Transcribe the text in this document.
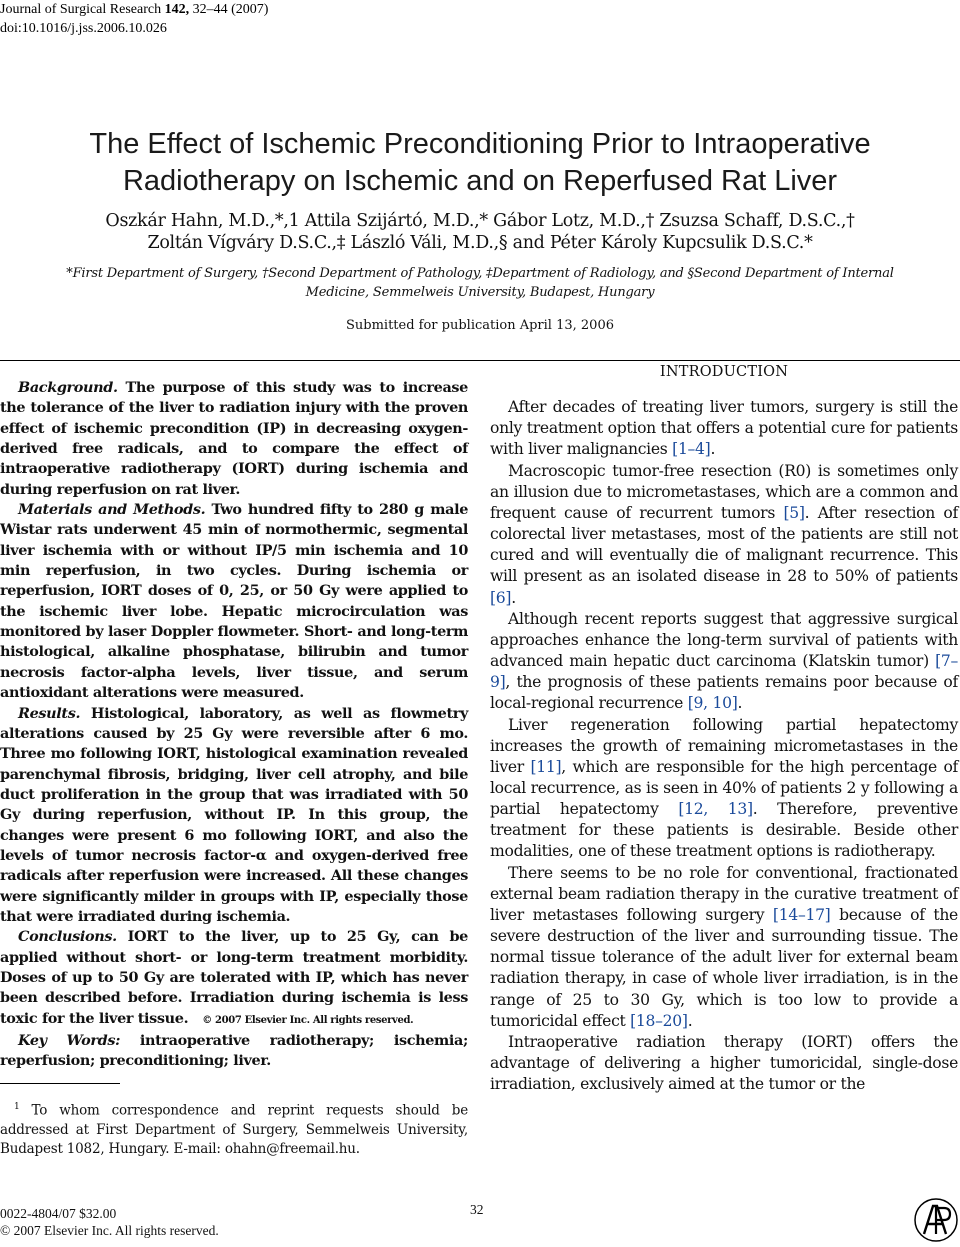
Journal of Surgical Research 142, 32–44 (2007)
doi:10.1016/j.jss.2006.10.026
The Effect of Ischemic Preconditioning Prior to Intraoperative
Radiotherapy on Ischemic and on Reperfused Rat Liver
Oszkár Hahn, M.D.,*,1 Attila Szijártó, M.D.,* Gábor Lotz, M.D.,† Zsuzsa Schaff, D.S.C.,†
Zoltán Vígváry D.S.C.,‡ László Váli, M.D.,§ and Péter Károly Kupcsulik D.S.C.*
*First Department of Surgery, †Second Department of Pathology, ‡Department of Radiology, and §Second Department of Internal
Medicine, Semmelweis University, Budapest, Hungary
Submitted for publication April 13, 2006

Background. The purpose of this study was to increase the tolerance of the liver to radiation injury with the proven effect of ischemic precondition (IP) in decreasing oxygen-derived free radicals, and to compare the effect of intraoperative radiotherapy (IORT) during ischemia and during reperfusion on rat liver.

Materials and Methods. Two hundred fifty to 280 g male Wistar rats underwent 45 min of normothermic, segmental liver ischemia with or without IP/5 min ischemia and 10 min reperfusion, in two cycles. During ischemia or reperfusion, IORT doses of 0, 25, or 50 Gy were applied to the ischemic liver lobe. Hepatic microcirculation was monitored by laser Doppler flowmeter. Short- and long-term histological, alkaline phosphatase, bilirubin and tumor necrosis factor-alpha levels, liver tissue, and serum antioxidant alterations were measured.

Results. Histological, laboratory, as well as flowmetry alterations caused by 25 Gy were reversible after 6 mo. Three mo following IORT, histological examination revealed parenchymal fibrosis, bridging, liver cell atrophy, and bile duct proliferation in the group that was irradiated with 50 Gy during reperfusion, without IP. In this group, the changes were present 6 mo following IORT, and also the levels of tumor necrosis factor-α and oxygen-derived free radicals after reperfusion were increased. All these changes were significantly milder in groups with IP, especially those that were irradiated during ischemia.

Conclusions. IORT to the liver, up to 25 Gy, can be applied without short- or long-term treatment morbidity. Doses of up to 50 Gy are tolerated with IP, which has never been described before. Irradiation during ischemia is less toxic for the liver tissue. © 2007 Elsevier Inc. All rights reserved.

Key Words: intraoperative radiotherapy; ischemia; reperfusion; preconditioning; liver.

$^1$ To whom correspondence and reprint requests should be addressed at First Department of Surgery, Semmelweis University, Budapest 1082, Hungary. E-mail: ohahn@freemail.hu.
INTRODUCTION

After decades of treating liver tumors, surgery is still the only treatment option that offers a potential cure for patients with liver malignancies [1–4].

Macroscopic tumor-free resection (R0) is sometimes only an illusion due to micrometastases, which are a common and frequent cause of recurrent tumors [5]. After resection of colorectal liver metastases, most of the patients are still not cured and will eventually die of malignant recurrence. This will present as an isolated disease in 28 to 50% of patients [6].

Although recent reports suggest that aggressive surgical approaches enhance the long-term survival of patients with advanced main hepatic duct carcinoma (Klatskin tumor) [7–9], the prognosis of these patients remains poor because of local-regional recurrence [9, 10].

Liver regeneration following partial hepatectomy increases the growth of remaining micrometastases in the liver [11], which are responsible for the high percentage of local recurrence, as is seen in 40% of patients 2 y following a partial hepatectomy [12, 13]. Therefore, preventive treatment for these patients is desirable. Beside other modalities, one of these treatment options is radiotherapy.

There seems to be no role for conventional, fractionated external beam radiation therapy in the curative treatment of liver metastases following surgery [14–17] because of the severe destruction of the liver and surrounding tissue. The normal tissue tolerance of the adult liver for external beam radiation therapy, in case of whole liver irradiation, is in the range of 25 to 30 Gy, which is too low to provide a tumoricidal effect [18–20].

Intraoperative radiation therapy (IORT) offers the advantage of delivering a higher tumoricidal, single-dose irradiation, exclusively aimed at the tumor or the

0022-4804/07 $32.00
© 2007 Elsevier Inc. All rights reserved.
32
